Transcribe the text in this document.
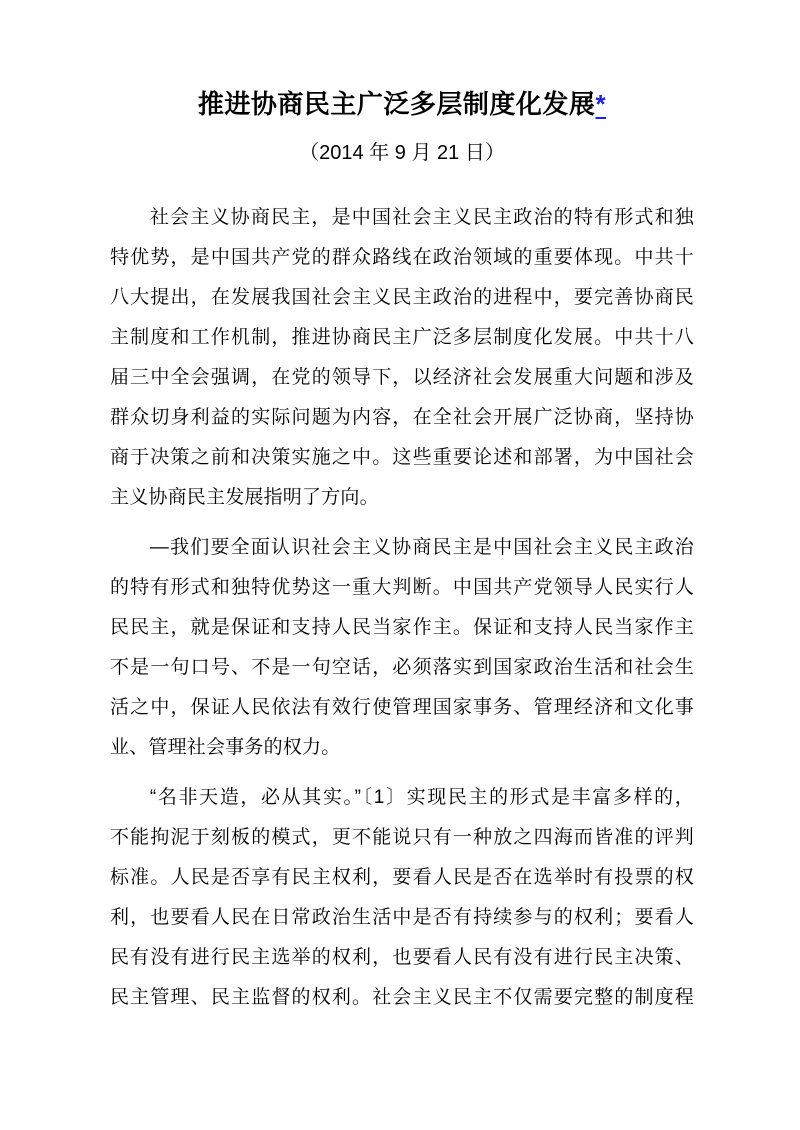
推进协商民主广泛多层制度化发展*
（2014 年 9 月 21 日）
社会主义协商民主，是中国社会主义民主政治的特有形式和独
特优势，是中国共产党的群众路线在政治领域的重要体现。中共十
八大提出，在发展我国社会主义民主政治的进程中，要完善协商民
主制度和工作机制，推进协商民主广泛多层制度化发展。中共十八
届三中全会强调，在党的领导下，以经济社会发展重大问题和涉及
群众切身利益的实际问题为内容，在全社会开展广泛协商，坚持协
商于决策之前和决策实施之中。这些重要论述和部署，为中国社会
主义协商民主发展指明了方向。
—我们要全面认识社会主义协商民主是中国社会主义民主政治
的特有形式和独特优势这一重大判断。中国共产党领导人民实行人
民民主，就是保证和支持人民当家作主。保证和支持人民当家作主
不是一句口号、不是一句空话，必须落实到国家政治生活和社会生
活之中，保证人民依法有效行使管理国家事务、管理经济和文化事
业、管理社会事务的权力。
“名非天造，必从其实。”〔1〕实现民主的形式是丰富多样的，
不能拘泥于刻板的模式，更不能说只有一种放之四海而皆准的评判
标准。人民是否享有民主权利，要看人民是否在选举时有投票的权
利，也要看人民在日常政治生活中是否有持续参与的权利；要看人
民有没有进行民主选举的权利，也要看人民有没有进行民主决策、
民主管理、民主监督的权利。社会主义民主不仅需要完整的制度程
